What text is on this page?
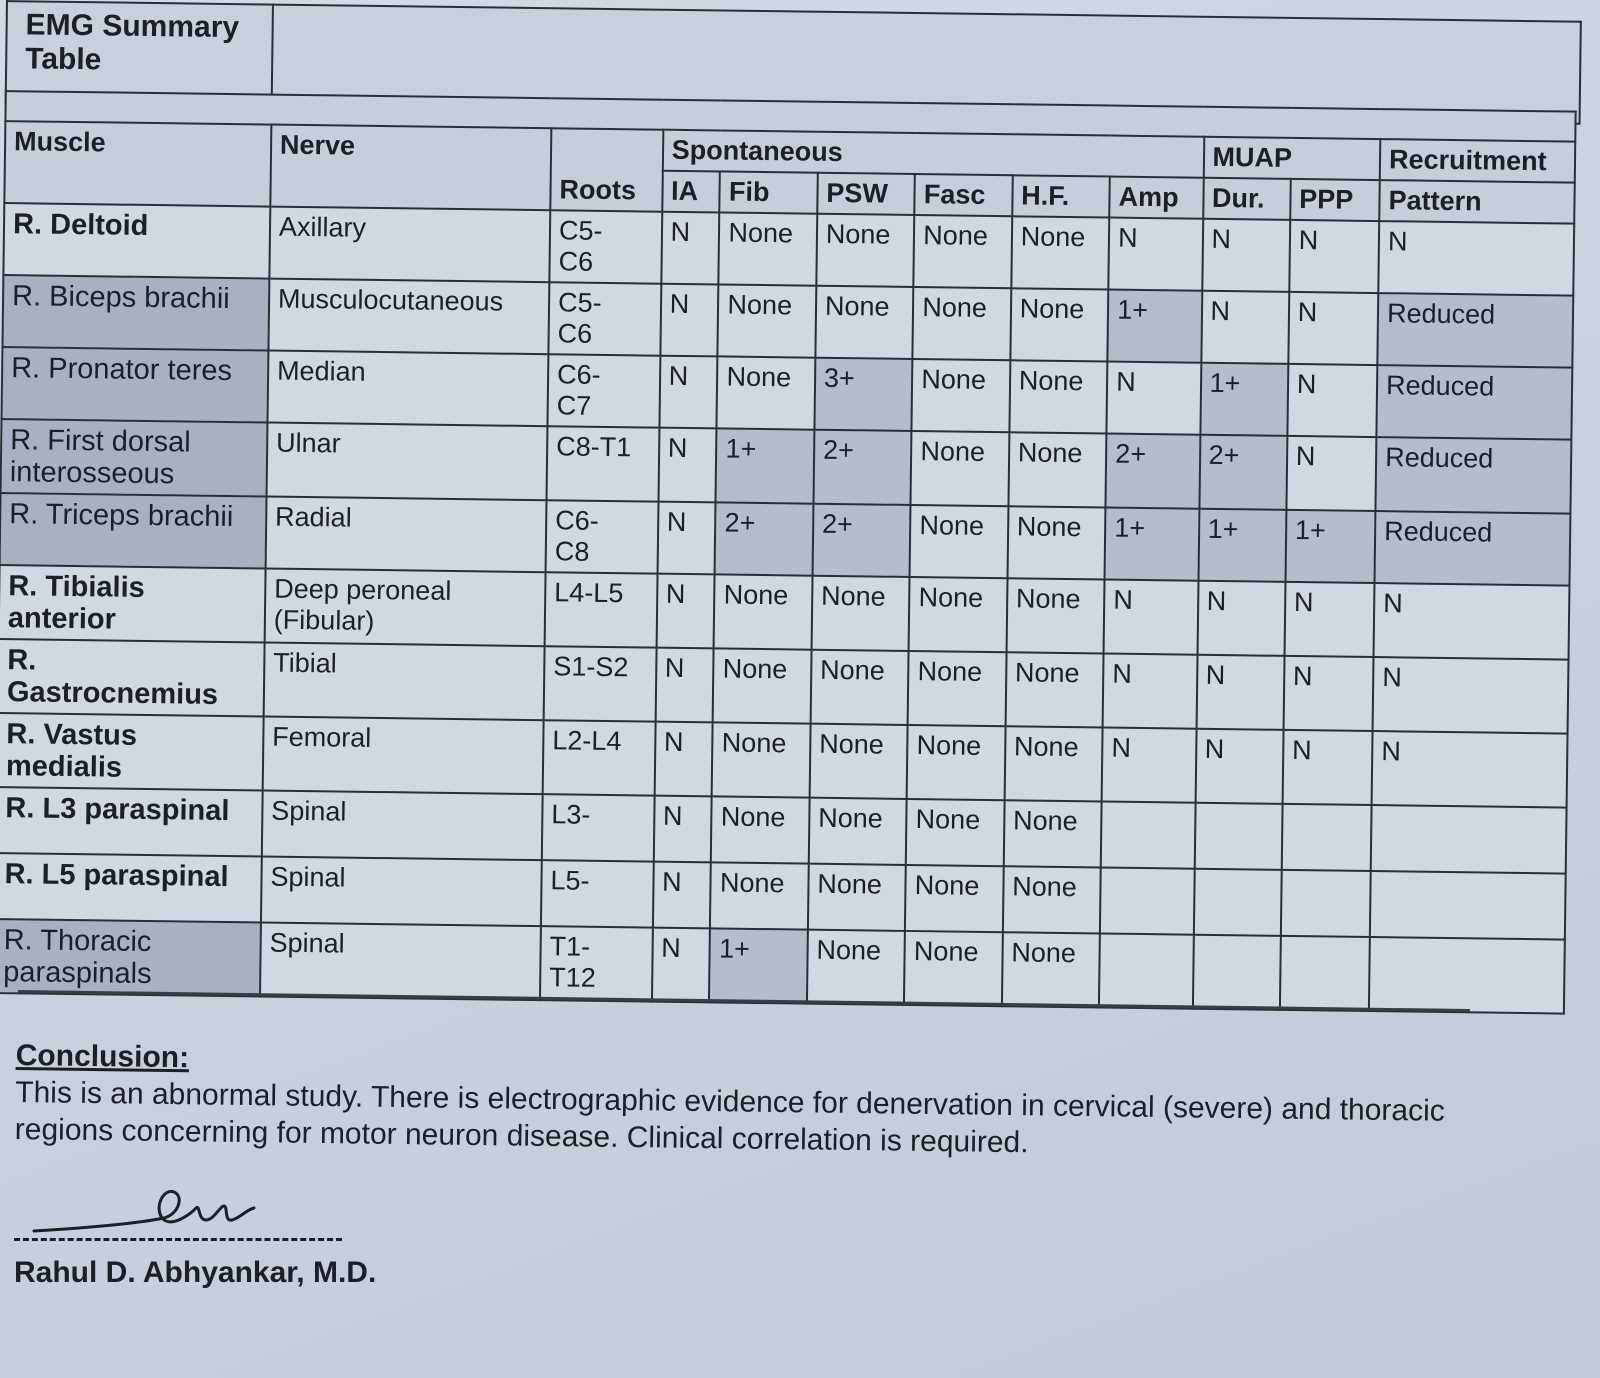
EMG Summary Table	

Muscle	Nerve	Roots	Spontaneous						MUAP		Recruitment
			IA	Fib	PSW	Fasc	H.F.	Amp	Dur.	PPP	Pattern
R. Deltoid	Axillary	C5-
C6	N	None	None	None	None	N	N	N	N
R. Biceps brachii	Musculocutaneous	C5-
C6	N	None	None	None	None	1+	N	N	Reduced
R. Pronator teres	Median	C6-
C7	N	None	3+	None	None	N	1+	N	Reduced
R. First dorsal interosseous	Ulnar	C8-T1	N	1+	2+	None	None	2+	2+	N	Reduced
R. Triceps brachii	Radial	C6-
C8	N	2+	2+	None	None	1+	1+	1+	Reduced
R. Tibialis anterior	Deep peroneal (Fibular)	L4-L5	N	None	None	None	None	N	N	N	N
R. Gastrocnemius	Tibial	S1-S2	N	None	None	None	None	N	N	N	N
R. Vastus medialis	Femoral	L2-L4	N	None	None	None	None	N	N	N	N
R. L3 paraspinal	Spinal	L3-	N	None	None	None	None				
R. L5 paraspinal	Spinal	L5-	N	None	None	None	None				
R. Thoracic paraspinals	Spinal	T1-
T12	N	1+	None	None	None				
Conclusion:
This is an abnormal study. There is electrographic evidence for denervation in cervical (severe) and thoracic regions concerning for motor neuron disease. Clinical correlation is required.
Rahul D. Abhyankar, M.D.
